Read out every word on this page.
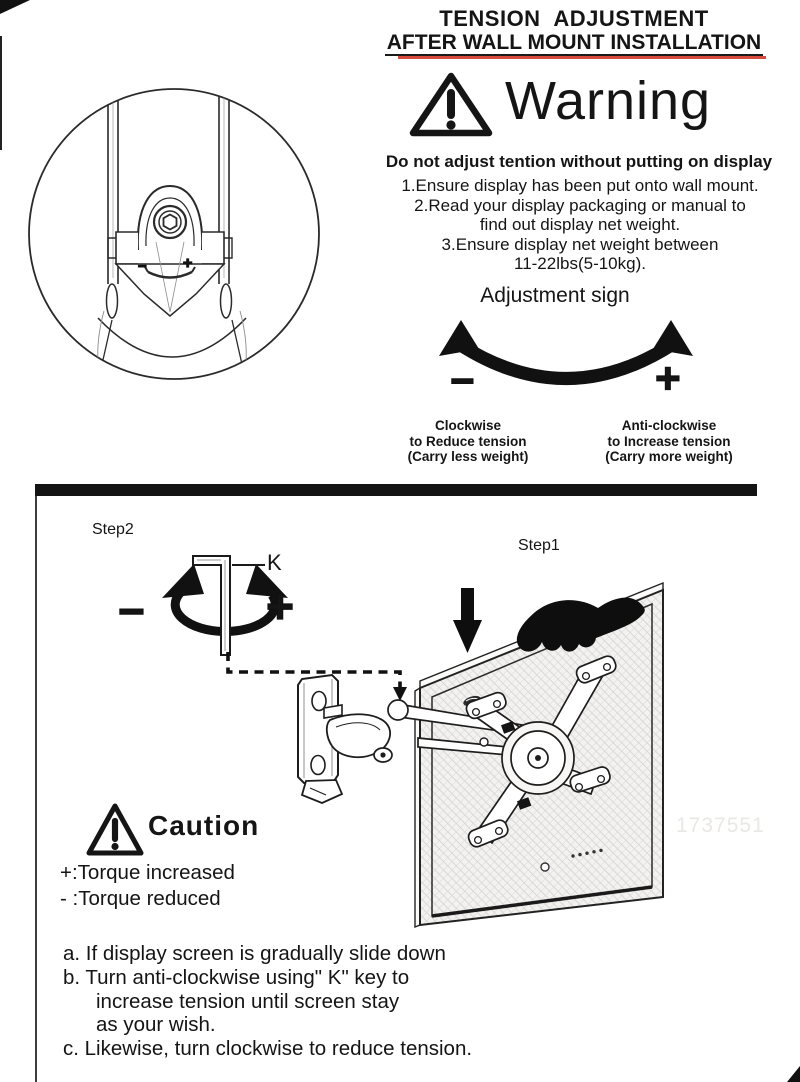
TENSION ADJUSTMENT
AFTER WALL MOUNT INSTALLATION
− +
Warning
Do not adjust tention without putting on display
1.Ensure display has been put onto wall mount.
2.Read your display packaging or manual to
find out display net weight.
3.Ensure display net weight between
11-22lbs(5-10kg).
Adjustment sign
−	+
Clockwise
to Reduce tension
(Carry less weight)
Anti-clockwise
to Increase tension
(Carry more weight)
Step2
Step1
K
−	+
1737551
Caution
+:Torque increased
- :Torque reduced
a. If display screen is gradually slide down
b. Turn anti-clockwise using" K" key to
increase tension until screen stay
as your wish.
c. Likewise, turn clockwise to reduce tension.
